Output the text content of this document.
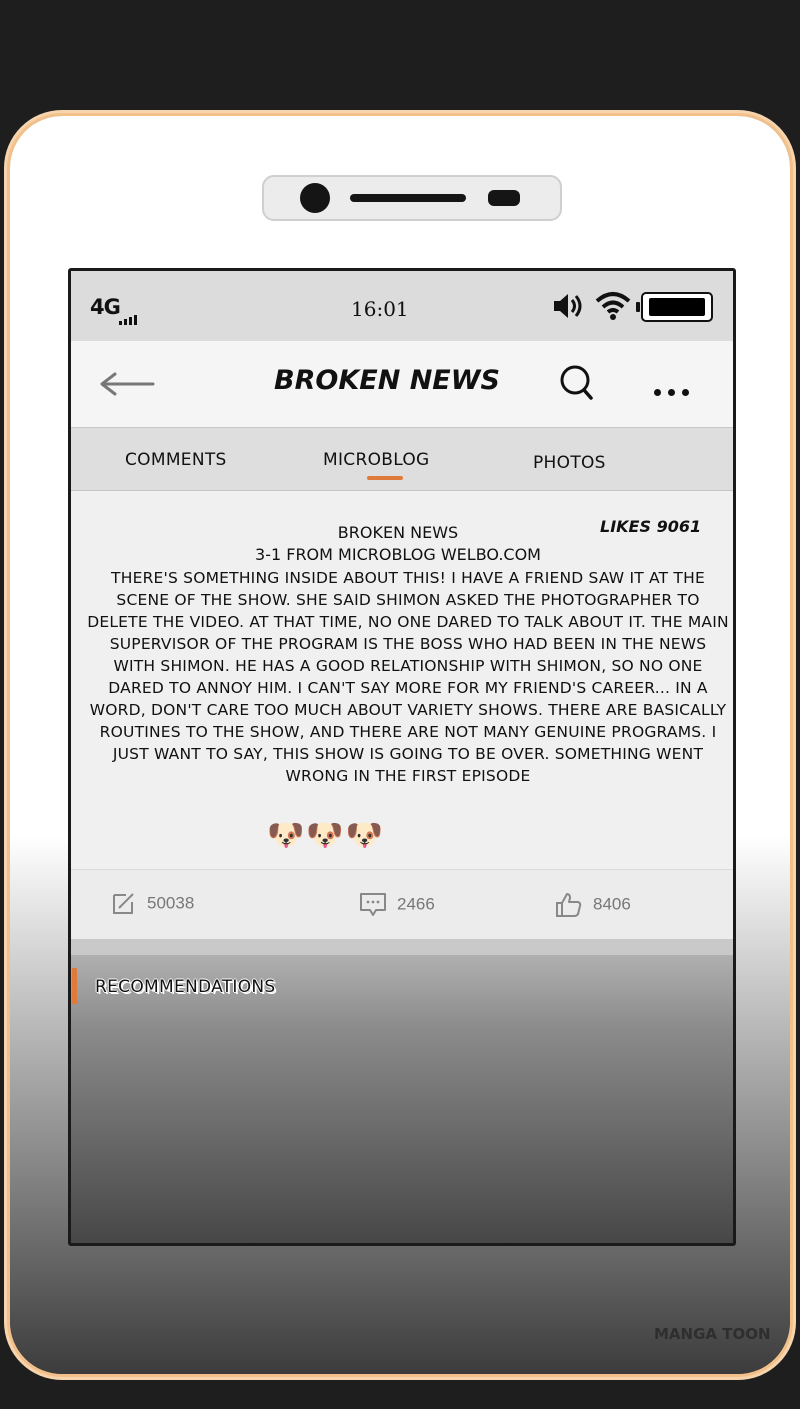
4G	16:01
BROKEN NEWS
COMMENTS	MICROBLOG	PHOTOS
LIKES 9061
BROKEN NEWS
3-1 FROM MICROBLOG WELBO.COM
THERE'S SOMETHING INSIDE ABOUT THIS! I HAVE A FRIEND SAW IT AT THE SCENE OF THE SHOW. SHE SAID SHIMON ASKED THE PHOTOGRAPHER TO DELETE THE VIDEO. AT THAT TIME, NO ONE DARED TO TALK ABOUT IT. THE MAIN SUPERVISOR OF THE PROGRAM IS THE BOSS WHO HAD BEEN IN THE NEWS WITH SHIMON. HE HAS A GOOD RELATIONSHIP WITH SHIMON, SO NO ONE DARED TO ANNOY HIM. I CAN'T SAY MORE FOR MY FRIEND'S CAREER... IN A WORD, DON'T CARE TOO MUCH ABOUT VARIETY SHOWS. THERE ARE BASICALLY ROUTINES TO THE SHOW, AND THERE ARE NOT MANY GENUINE PROGRAMS. I JUST WANT TO SAY, THIS SHOW IS GOING TO BE OVER. SOMETHING WENT WRONG IN THE FIRST EPISODE
🐶🐶🐶
50038	2466	8406
RECOMMENDATIONS
MANGA TOON
